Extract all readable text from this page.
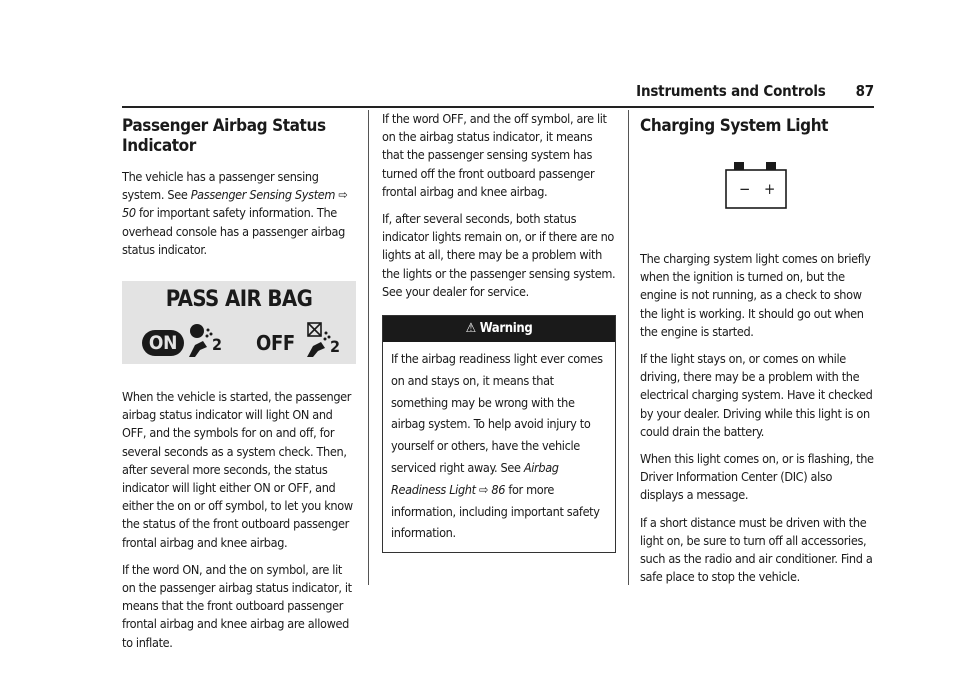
Instruments and Controls 87
Passenger Airbag Status Indicator

The vehicle has a passenger sensing system. See Passenger Sensing System ⇨ 50 for important safety information. The overhead console has a passenger airbag status indicator.

PASS AIR BAG
ON	2 OFF 2

When the vehicle is started, the passenger airbag status indicator will light ON and OFF, and the symbols for on and off, for several seconds as a system check. Then, after several more seconds, the status indicator will light either ON or OFF, and either the on or off symbol, to let you know the status of the front outboard passenger frontal airbag and knee airbag.

If the word ON, and the on symbol, are lit on the passenger airbag status indicator, it means that the front outboard passenger frontal airbag and knee airbag are allowed to inflate.

If the word OFF, and the off symbol, are lit on the airbag status indicator, it means that the passenger sensing system has turned off the front outboard passenger frontal airbag and knee airbag.

If, after several seconds, both status indicator lights remain on, or if there are no lights at all, there may be a problem with the lights or the passenger sensing system. See your dealer for service.

⚠ Warning
If the airbag readiness light ever comes on and stays on, it means that something may be wrong with the airbag system. To help avoid injury to yourself or others, have the vehicle serviced right away. See Airbag Readiness Light ⇨ 86 for more information, including important safety information.
Charging System Light
− +

The charging system light comes on briefly when the ignition is turned on, but the engine is not running, as a check to show the light is working. It should go out when the engine is started.

If the light stays on, or comes on while driving, there may be a problem with the electrical charging system. Have it checked by your dealer. Driving while this light is on could drain the battery.

When this light comes on, or is flashing, the Driver Information Center (DIC) also displays a message.

If a short distance must be driven with the light on, be sure to turn off all accessories, such as the radio and air conditioner. Find a safe place to stop the vehicle.
